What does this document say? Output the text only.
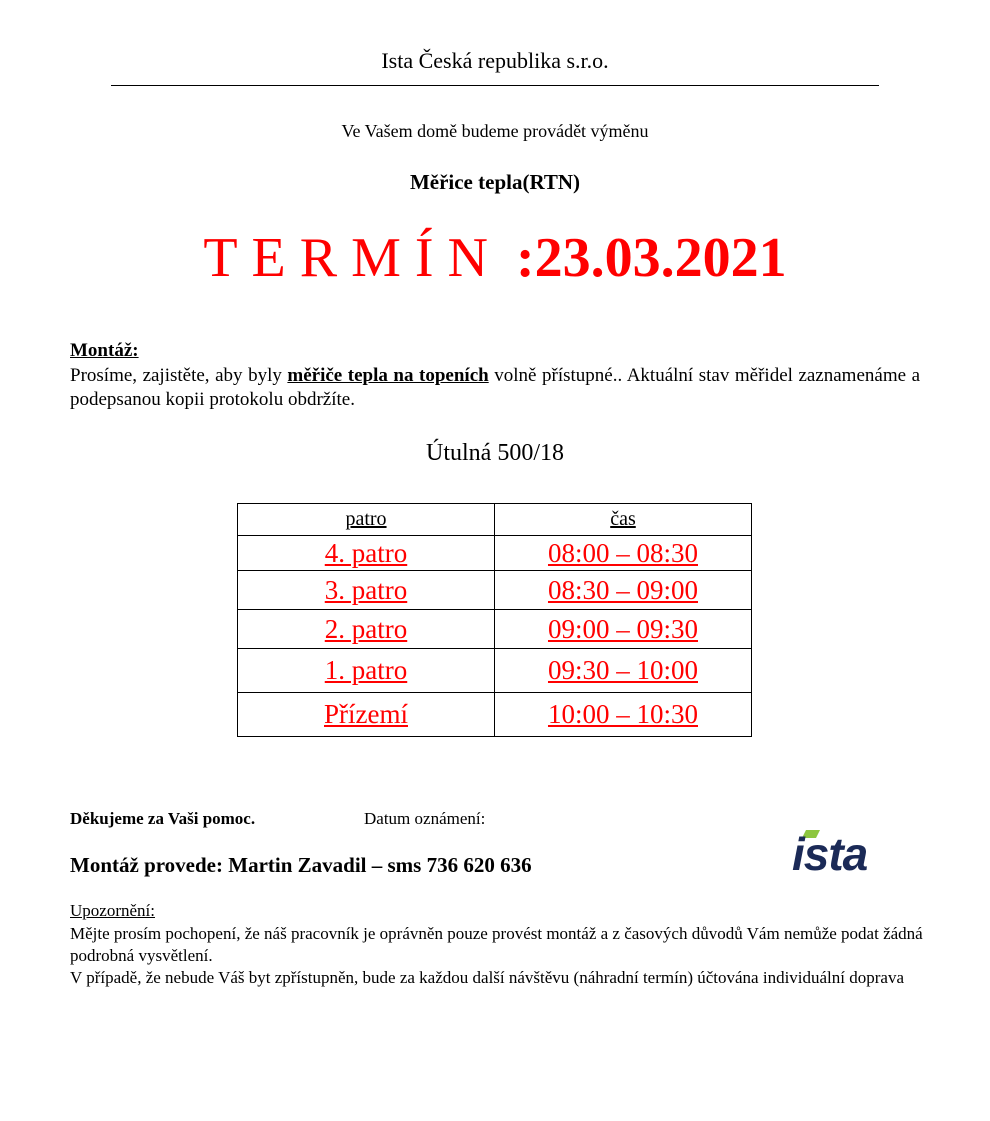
Ista Česká republika s.r.o.
Ve Vašem domě budeme provádět výměnu
Měřice tepla(RTN)
TERMÍN :23.03.2021
Montáž:
Prosíme, zajistěte, aby byly měřiče tepla na topeních volně přístupné.. Aktuální stav měřidel zaznamenáme a podepsanou kopii protokolu obdržíte.
Útulná 500/18
patro	čas
4. patro	08:00 – 08:30
3. patro	08:30 – 09:00
2. patro	09:00 – 09:30
1. patro	09:30 – 10:00
Přízemí	10:00 – 10:30
Děkujeme za Vaši pomoc.	Datum oznámení:
ista
Montáž provede: Martin Zavadil – sms 736 620 636
Upozornění:

Mějte prosím pochopení, že náš pracovník je oprávněn pouze provést montáž a z časových důvodů Vám nemůže podat žádná podrobná vysvětlení.

V případě, že nebude Váš byt zpřístupněn, bude za každou další návštěvu (náhradní termín) účtována individuální doprava
